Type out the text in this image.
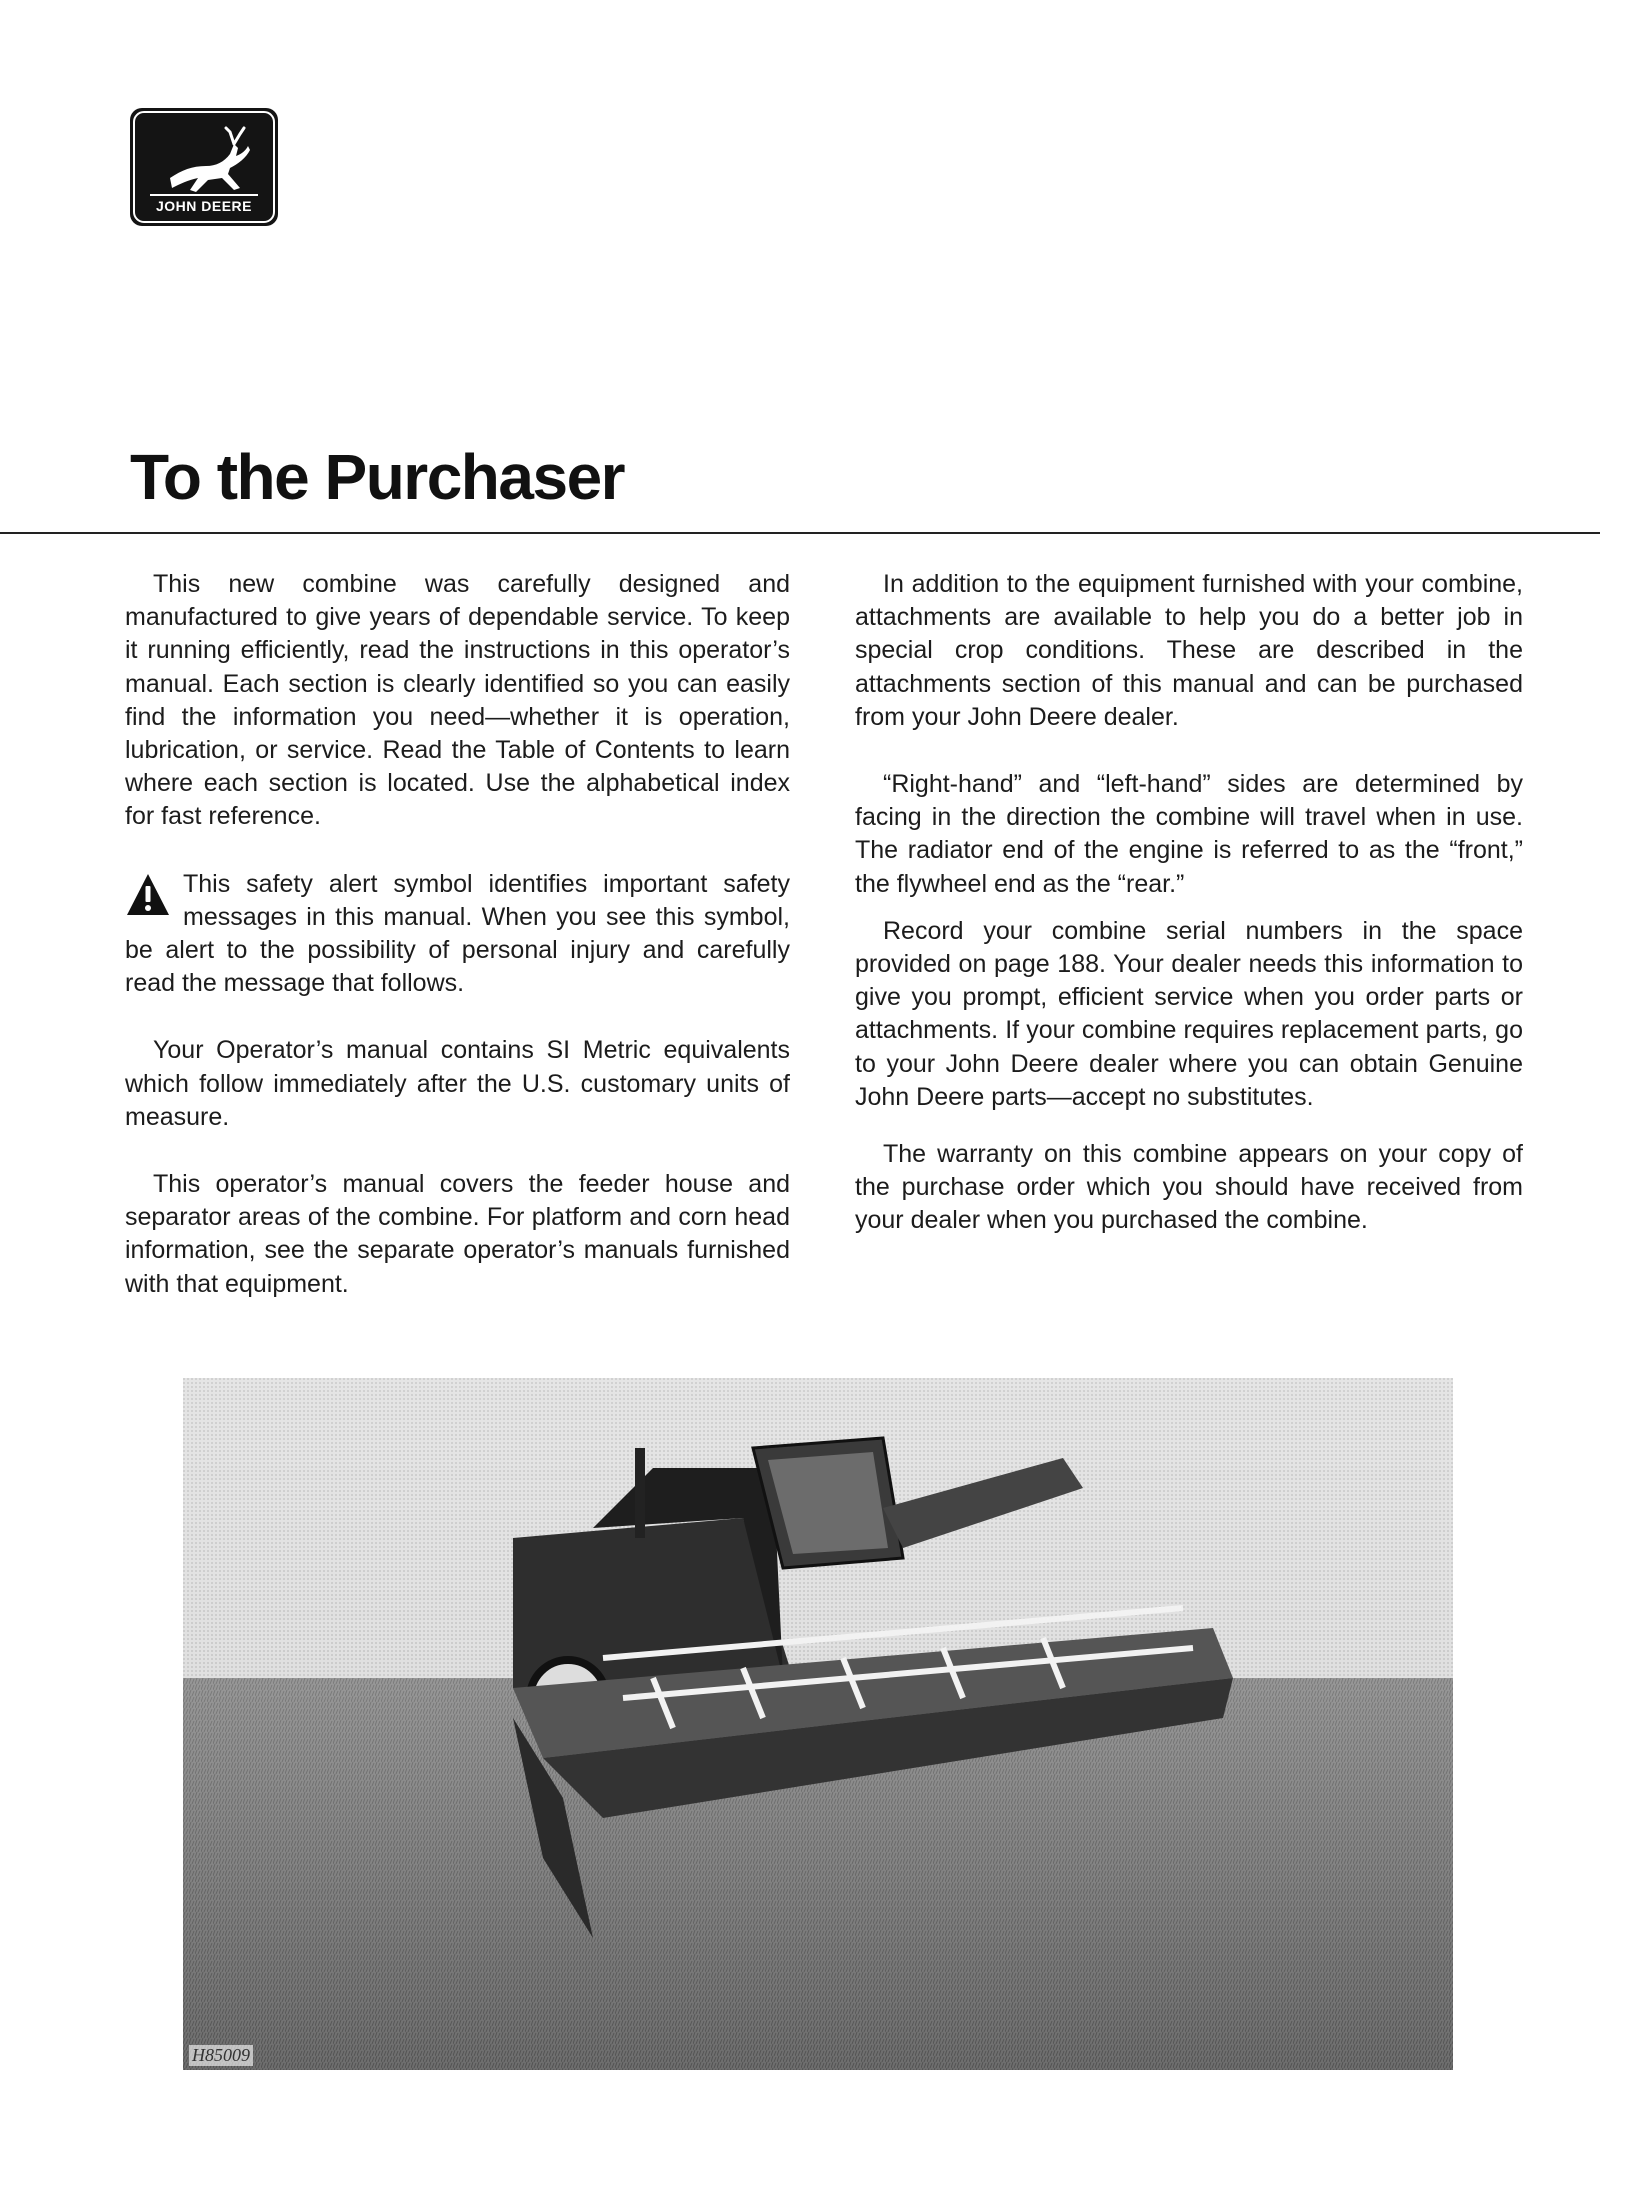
JOHN DEERE
To the Purchaser

This new combine was carefully designed and manufactured to give years of dependable service. To keep it running efficiently, read the instructions in this operator’s manual. Each section is clearly identified so you can easily find the information you need—whether it is operation, lubrication, or service. Read the Table of Contents to learn where each section is located. Use the alphabetical index for fast reference.

This safety alert symbol identifies important safety messages in this manual. When you see this symbol, be alert to the possibility of personal injury and carefully read the message that follows.

Your Operator’s manual contains SI Metric equivalents which follow immediately after the U.S. customary units of measure.

This operator’s manual covers the feeder house and separator areas of the combine. For platform and corn head information, see the separate operator’s manuals furnished with that equipment.

In addition to the equipment furnished with your combine, attachments are available to help you do a better job in special crop conditions. These are described in the attachments section of this manual and can be purchased from your John Deere dealer.

“Right-hand” and “left-hand” sides are determined by facing in the direction the combine will travel when in use. The radiator end of the engine is referred to as the “front,” the flywheel end as the “rear.”

Record your combine serial numbers in the space provided on page 188. Your dealer needs this information to give you prompt, efficient service when you order parts or attachments. If your combine requires replacement parts, go to your John Deere dealer where you can obtain Genuine John Deere parts—accept no substitutes.

The warranty on this combine appears on your copy of the purchase order which you should have received from your dealer when you purchased the combine.

H85009
